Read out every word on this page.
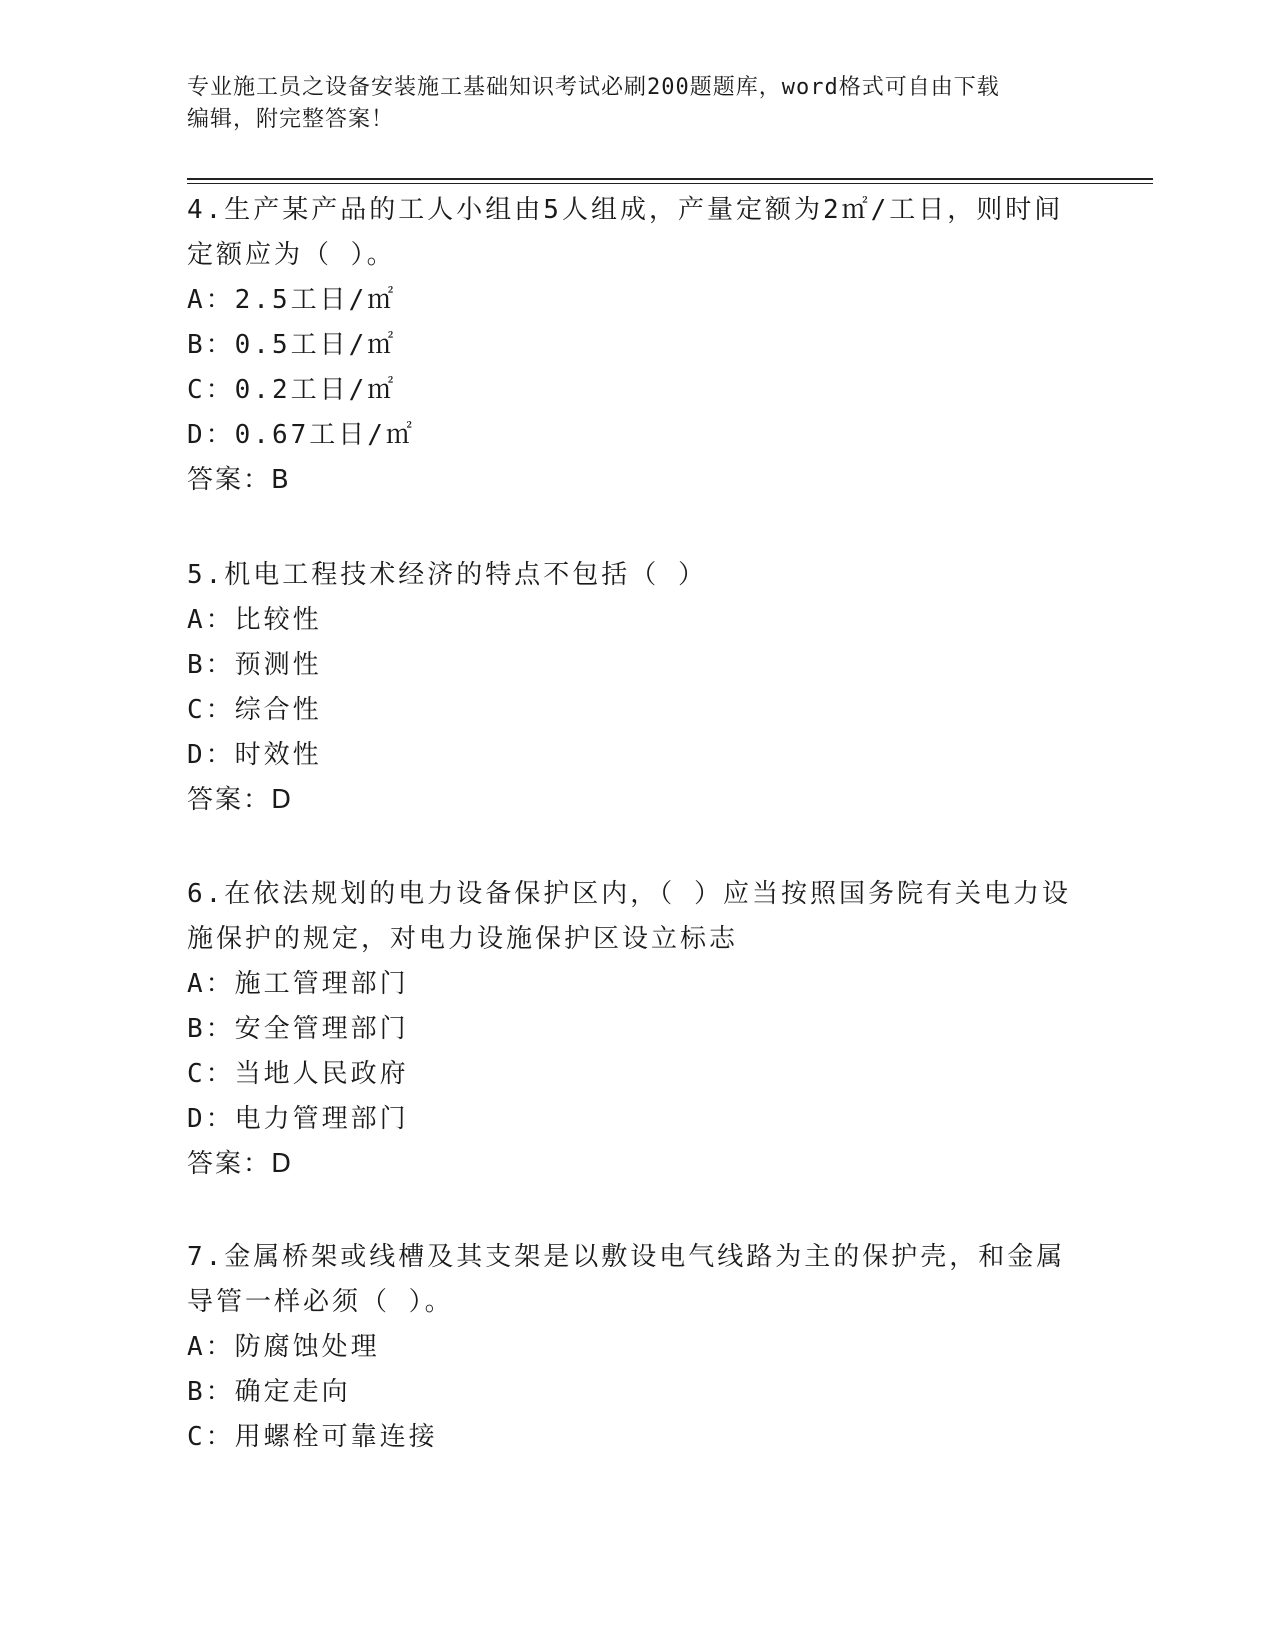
专业施工员之设备安装施工基础知识考试必刷200题题库，word格式可自由下载
编辑，附完整答案！
4.生产某产品的工人小组由5人组成，产量定额为2㎡/工日，则时间
定额应为（ ）。
A：2.5工日/㎡
B：0.5工日/㎡
C：0.2工日/㎡
D：0.67工日/㎡
答案：B
5.机电工程技术经济的特点不包括（ ）
A：比较性
B：预测性
C：综合性
D：时效性
答案：D
6.在依法规划的电力设备保护区内，（ ）应当按照国务院有关电力设
施保护的规定，对电力设施保护区设立标志
A：施工管理部门
B：安全管理部门
C：当地人民政府
D：电力管理部门
答案：D
7.金属桥架或线槽及其支架是以敷设电气线路为主的保护壳，和金属
导管一样必须（ ）。
A：防腐蚀处理
B：确定走向
C：用螺栓可靠连接
